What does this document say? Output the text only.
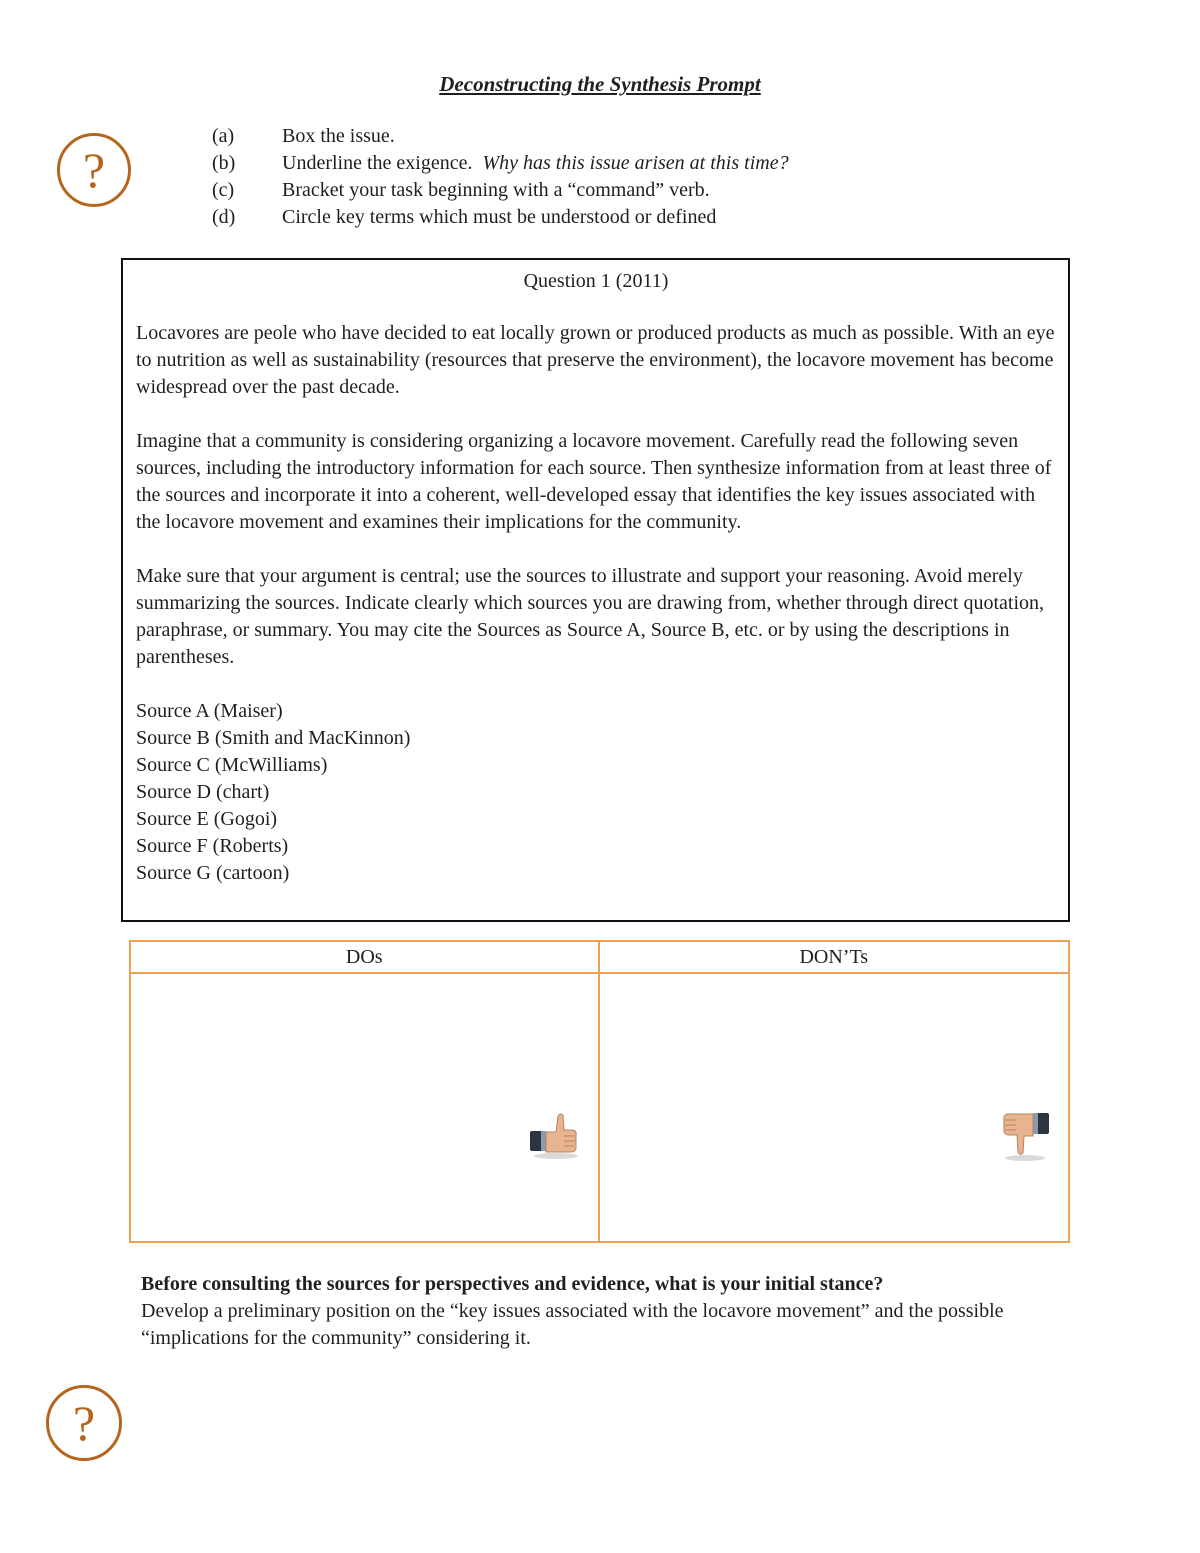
Deconstructing the Synthesis Prompt
?
(a) Box the issue.
(b) Underline the exigence.  Why has this issue arisen at this time?
(c) Bracket your task beginning with a “command” verb.
(d) Circle key terms which must be understood or defined
Question 1 (2011)

Locavores are peole who have decided to eat locally grown or produced products as much as possible. With an eye to nutrition as well as sustainability (resources that preserve the environment), the locavore movement has become widespread over the past decade.

Imagine that a community is considering organizing a locavore movement. Carefully read the following seven sources, including the introductory information for each source. Then synthesize information from at least three of the sources and incorporate it into a coherent, well-developed essay that identifies the key issues associated with the locavore movement and examines their implications for the community.

Make sure that your argument is central; use the sources to illustrate and support your reasoning. Avoid merely summarizing the sources. Indicate clearly which sources you are drawing from, whether through direct quotation, paraphrase, or summary. You may cite the Sources as Source A, Source B, etc. or by using the descriptions in parentheses.

Source A (Maiser)
Source B (Smith and MacKinnon)
Source C (McWilliams)
Source D (chart)
Source E (Gogoi)
Source F (Roberts)
Source G (cartoon)
DOs	DON’Ts
Before consulting the sources for perspectives and evidence, what is your initial stance?
Develop a preliminary position on the “key issues associated with the locavore movement” and the possible “implications for the community” considering it.
?
